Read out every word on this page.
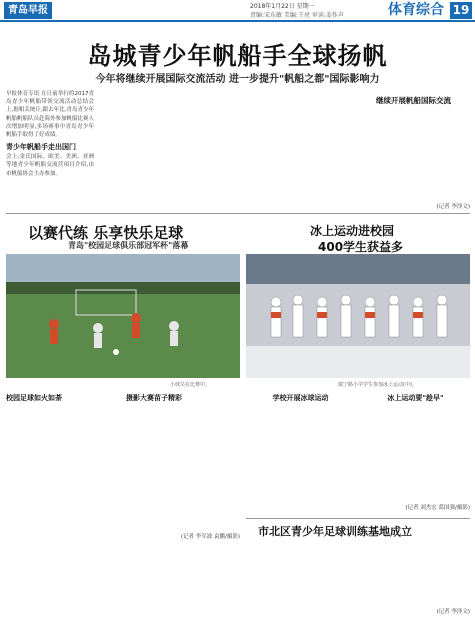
青岛早报	2018年1月22日 星期一
责编:宋东敏 美编:王亮 审读:姜作声	体育综合 19
岛城青少年帆船手全球扬帆
今年将继续开展国际交流活动 进一步提升"帆船之都"国际影响力
早报体育专讯 在日前举行的2017青岛青少年帆船带领交流活动总结会上,据相关统计,跟去年比,青岛青少年帆船帆船队员赴海外参加帆船比赛人次增加明显,多场赛事中青岛青少年帆船手取得了好成绩。
青少年帆船手走出国门
会上,金氏国际、欧美、美洲、亚洲等地青少年帆船交流营项目介绍,由市帆船协会主办参加。
继续开展帆船国际交流
(记者 李泽文)
以赛代练 乐享快乐足球
青岛"校园足球俱乐部冠军杯"落幕
小球员在比赛中。
校园足球如火如荼	摄影大赛苗子精彩
(记者 李军波 袁鹏/摄影)
冰上运动进校园
400学生获益多
镇宁路小学学生参加冰上运动(中)。
学校开展冰球运动	冰上运动要"趁早"
(记者 刘杰宏 葛国强/摄影)
市北区青少年足球训练基地成立
(记者 李泽文)
